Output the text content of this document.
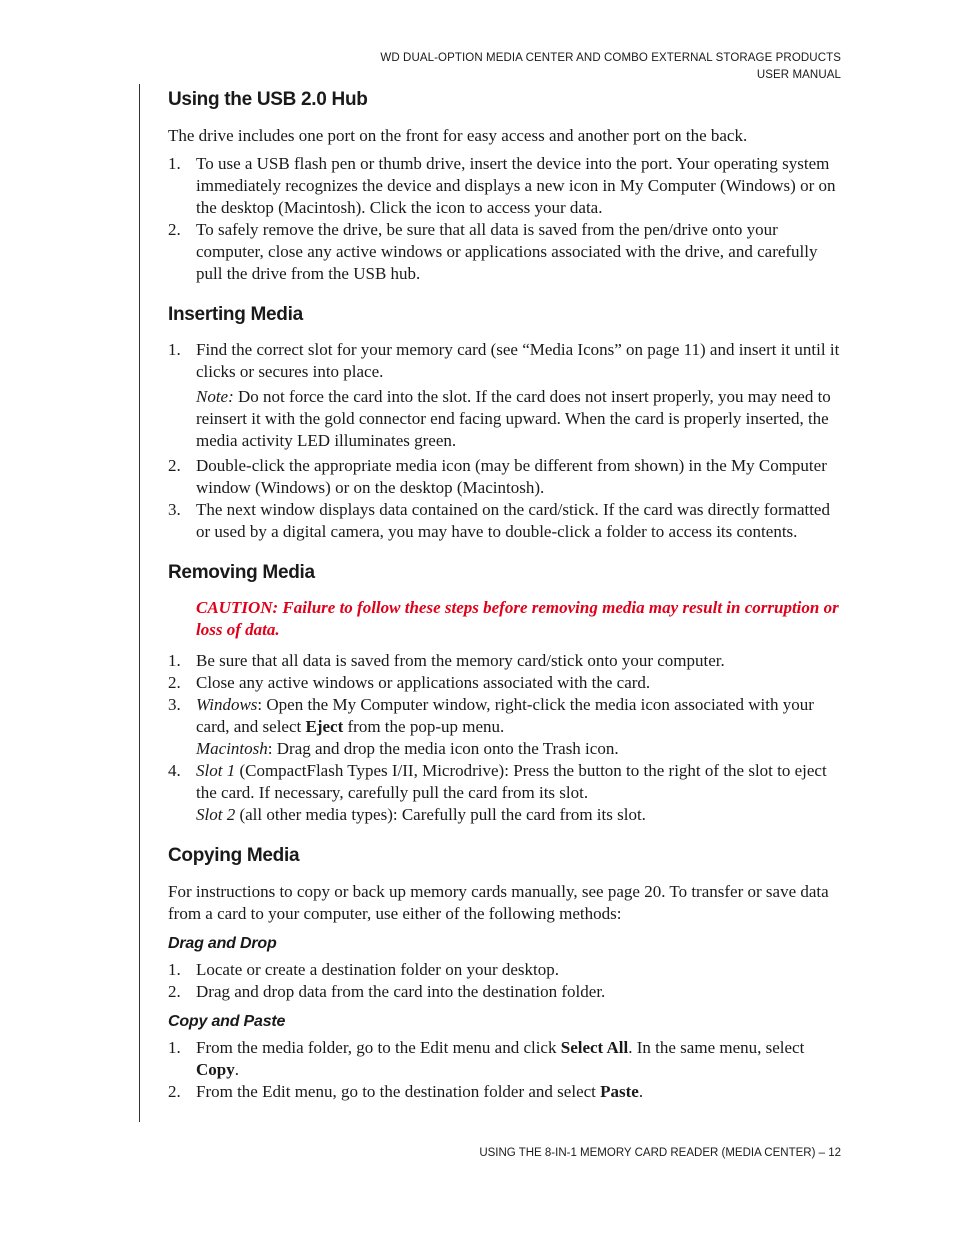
WD DUAL-OPTION MEDIA CENTER AND COMBO EXTERNAL STORAGE PRODUCTS
USER MANUAL
Using the USB 2.0 Hub

The drive includes one port on the front for easy access and another port on the back.

1. To use a USB flash pen or thumb drive, insert the device into the port. Your operating system immediately recognizes the device and displays a new icon in My Computer (Windows) or on the desktop (Macintosh). Click the icon to access your data.
2. To safely remove the drive, be sure that all data is saved from the pen/drive onto your computer, close any active windows or applications associated with the drive, and carefully pull the drive from the USB hub.
Inserting Media
1. Find the correct slot for your memory card (see “Media Icons” on page 11) and insert it until it clicks or secures into place.
Note: Do not force the card into the slot. If the card does not insert properly, you may need to reinsert it with the gold connector end facing upward. When the card is properly inserted, the media activity LED illuminates green.
2. Double-click the appropriate media icon (may be different from shown) in the My Computer window (Windows) or on the desktop (Macintosh).
3. The next window displays data contained on the card/stick. If the card was directly formatted or used by a digital camera, you may have to double-click a folder to access its contents.
Removing Media

CAUTION: Failure to follow these steps before removing media may result in corruption or loss of data.

1. Be sure that all data is saved from the memory card/stick onto your computer.
2. Close any active windows or applications associated with the card.
3. Windows: Open the My Computer window, right-click the media icon associated with your card, and select Eject from the pop-up menu.
Macintosh: Drag and drop the media icon onto the Trash icon.
4. Slot 1 (CompactFlash Types I/II, Microdrive): Press the button to the right of the slot to eject the card. If necessary, carefully pull the card from its slot.
Slot 2 (all other media types): Carefully pull the card from its slot.
Copying Media

For instructions to copy or back up memory cards manually, see page 20. To transfer or save data from a card to your computer, use either of the following methods:

Drag and Drop
1. Locate or create a destination folder on your desktop.
2. Drag and drop data from the card into the destination folder.
Copy and Paste
1. From the media folder, go to the Edit menu and click Select All. In the same menu, select Copy.
2. From the Edit menu, go to the destination folder and select Paste.
USING THE 8-IN-1 MEMORY CARD READER (MEDIA CENTER) – 12
